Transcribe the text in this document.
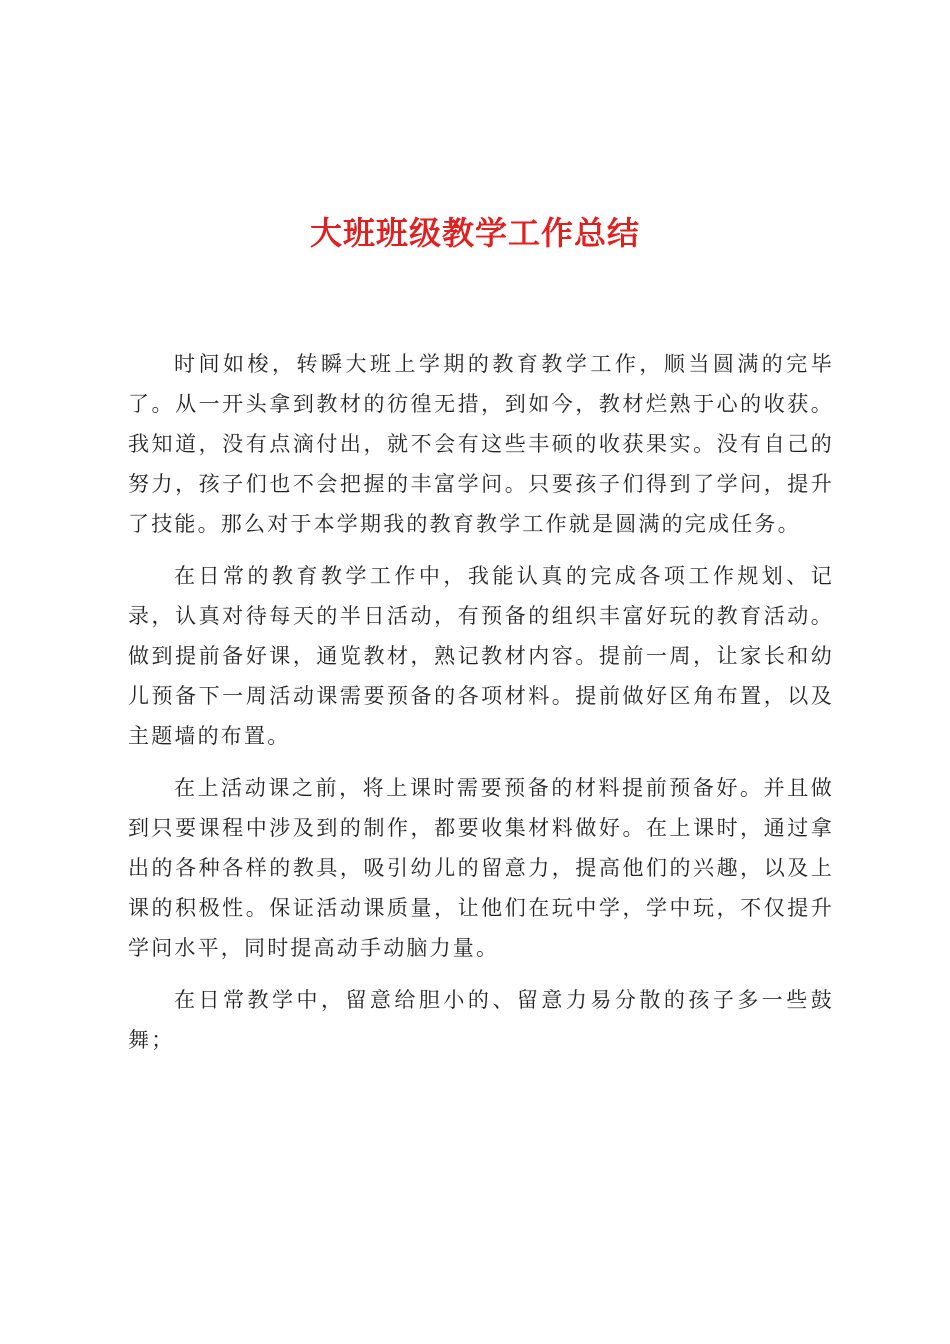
大班班级教学工作总结

时间如梭，转瞬大班上学期的教育教学工作，顺当圆满的完毕了。从一开头拿到教材的彷徨无措，到如今，教材烂熟于心的收获。我知道，没有点滴付出，就不会有这些丰硕的收获果实。没有自己的努力，孩子们也不会把握的丰富学问。只要孩子们得到了学问，提升了技能。那么对于本学期我的教育教学工作就是圆满的完成任务。

在日常的教育教学工作中，我能认真的完成各项工作规划、记录，认真对待每天的半日活动，有预备的组织丰富好玩的教育活动。做到提前备好课，通览教材，熟记教材内容。提前一周，让家长和幼儿预备下一周活动课需要预备的各项材料。提前做好区角布置，以及主题墙的布置。

在上活动课之前，将上课时需要预备的材料提前预备好。并且做到只要课程中涉及到的制作，都要收集材料做好。在上课时，通过拿出的各种各样的教具，吸引幼儿的留意力，提高他们的兴趣，以及上课的积极性。保证活动课质量，让他们在玩中学，学中玩，不仅提升学问水平，同时提高动手动脑力量。

在日常教学中，留意给胆小的、留意力易分散的孩子多一些鼓舞；
